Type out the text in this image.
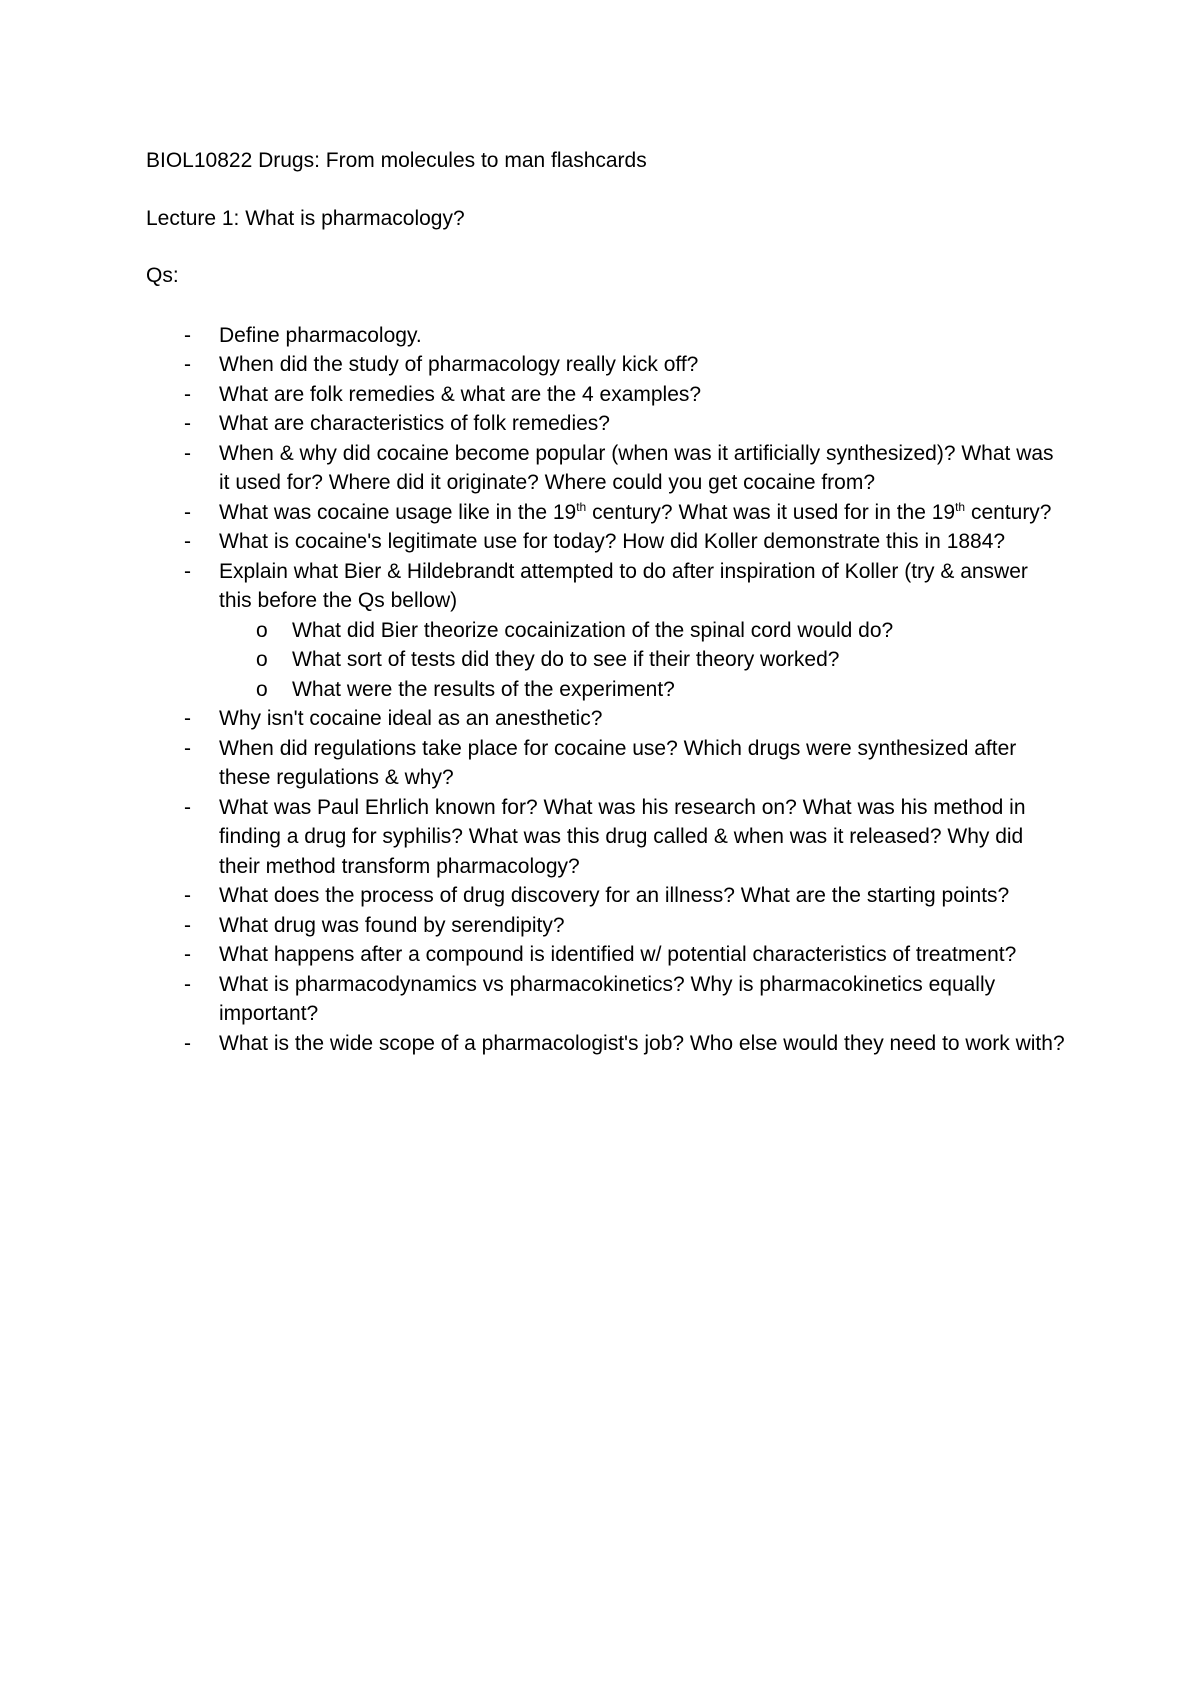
BIOL10822 Drugs: From molecules to man flashcards

Lecture 1: What is pharmacology?

Qs:

- Define pharmacology.
- When did the study of pharmacology really kick off?
- What are folk remedies & what are the 4 examples?
- What are characteristics of folk remedies?
- When & why did cocaine become popular (when was it artificially synthesized)? What was it used for? Where did it originate? Where could you get cocaine from?
- What was cocaine usage like in the 19th century? What was it used for in the 19th century?
- What is cocaine's legitimate use for today? How did Koller demonstrate this in 1884?
- Explain what Bier & Hildebrandt attempted to do after inspiration of Koller (try & answer this before the Qs bellow)
o What did Bier theorize cocainization of the spinal cord would do?
o What sort of tests did they do to see if their theory worked?
o What were the results of the experiment?
- Why isn't cocaine ideal as an anesthetic?
- When did regulations take place for cocaine use? Which drugs were synthesized after these regulations & why?
- What was Paul Ehrlich known for? What was his research on? What was his method in finding a drug for syphilis? What was this drug called & when was it released? Why did their method transform pharmacology?
- What does the process of drug discovery for an illness? What are the starting points?
- What drug was found by serendipity?
- What happens after a compound is identified w/ potential characteristics of treatment?
- What is pharmacodynamics vs pharmacokinetics? Why is pharmacokinetics equally important?
- What is the wide scope of a pharmacologist's job? Who else would they need to work with?
